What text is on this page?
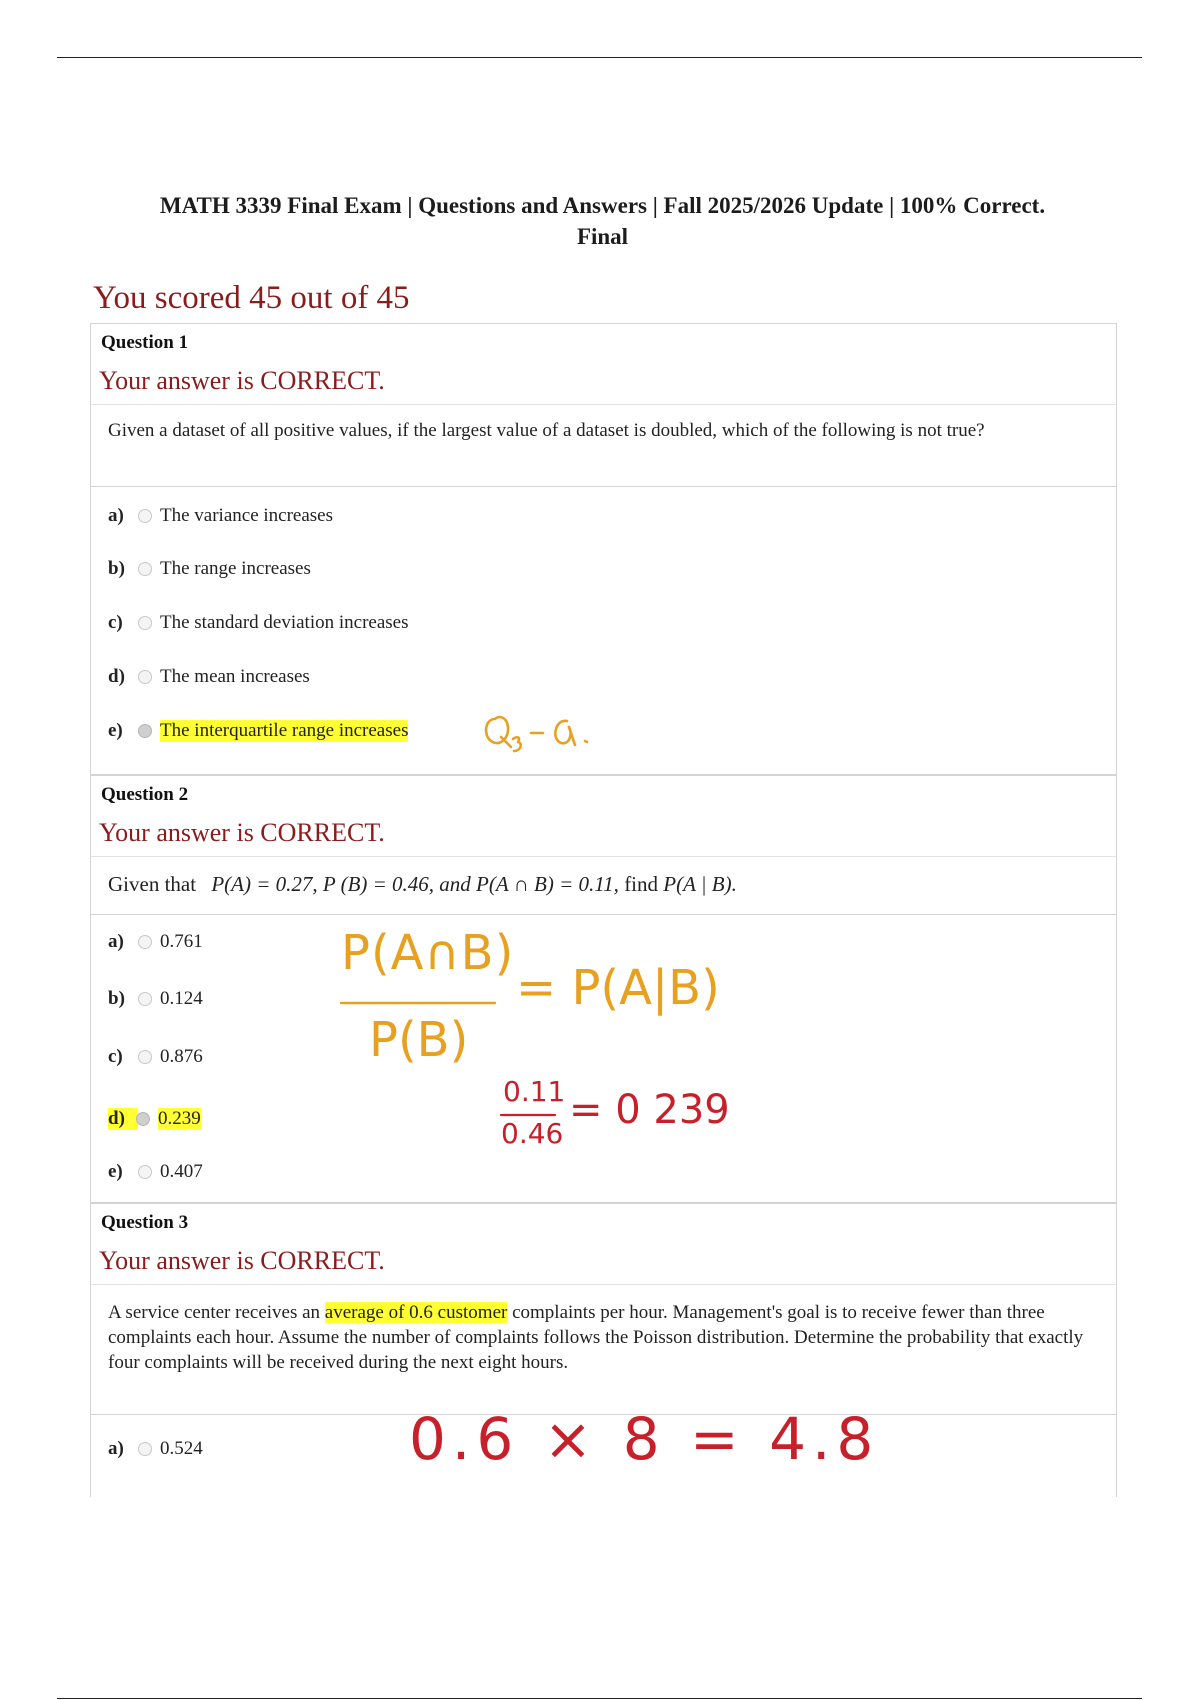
MATH 3339 Final Exam | Questions and Answers | Fall 2025/2026 Update | 100% Correct.
Final
You scored 45 out of 45
Question 1
Your answer is CORRECT.
Given a dataset of all positive values, if the largest value of a dataset is doubled, which of the following is not true?
a)	The variance increases
b)	The range increases
c)	The standard deviation increases
d)	The mean increases
e)	The interquartile range increases
Question 2
Your answer is CORRECT.
Given that P(A) = 0.27, P (B) = 0.46, and P(A ∩ B) = 0.11, find P(A | B).
a)	0.761
b)	0.124
c)	0.876
d)	0.239
e)	0.407
P(A∩B)
P(B)
= P(A|B)
0.11
0.46
= 0 239
Question 3
Your answer is CORRECT.
A service center receives an average of 0.6 customer complaints per hour. Management's goal is to receive fewer than three complaints each hour. Assume the number of complaints follows the Poisson distribution. Determine the probability that exactly four complaints will be received during the next eight hours.
a)	0.524	0.6 × 8 = 4.8
